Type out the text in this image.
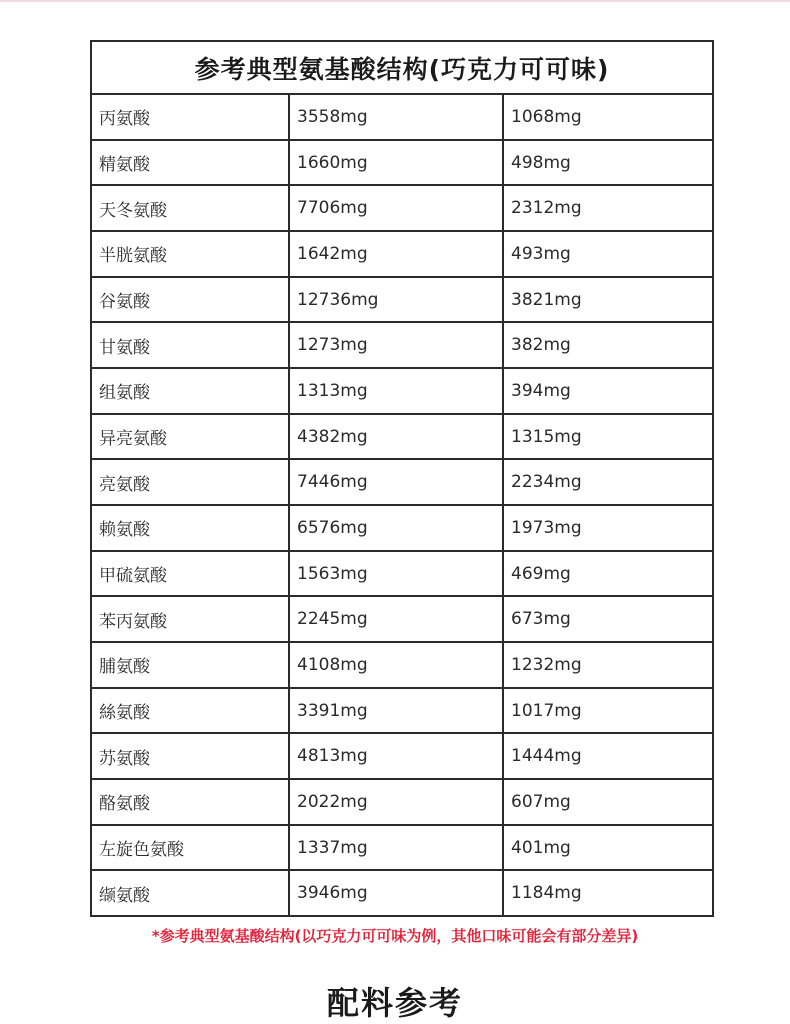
参考典型氨基酸结构(巧克力可可味)
丙氨酸	3558mg	1068mg
精氨酸	1660mg	498mg
天冬氨酸	7706mg	2312mg
半胱氨酸	1642mg	493mg
谷氨酸	12736mg	3821mg
甘氨酸	1273mg	382mg
组氨酸	1313mg	394mg
异亮氨酸	4382mg	1315mg
亮氨酸	7446mg	2234mg
赖氨酸	6576mg	1973mg
甲硫氨酸	1563mg	469mg
苯丙氨酸	2245mg	673mg
脯氨酸	4108mg	1232mg
絲氨酸	3391mg	1017mg
苏氨酸	4813mg	1444mg
酪氨酸	2022mg	607mg
左旋色氨酸	1337mg	401mg
缬氨酸	3946mg	1184mg
*参考典型氨基酸结构(以巧克力可可味为例，其他口味可能会有部分差异)
配料参考
